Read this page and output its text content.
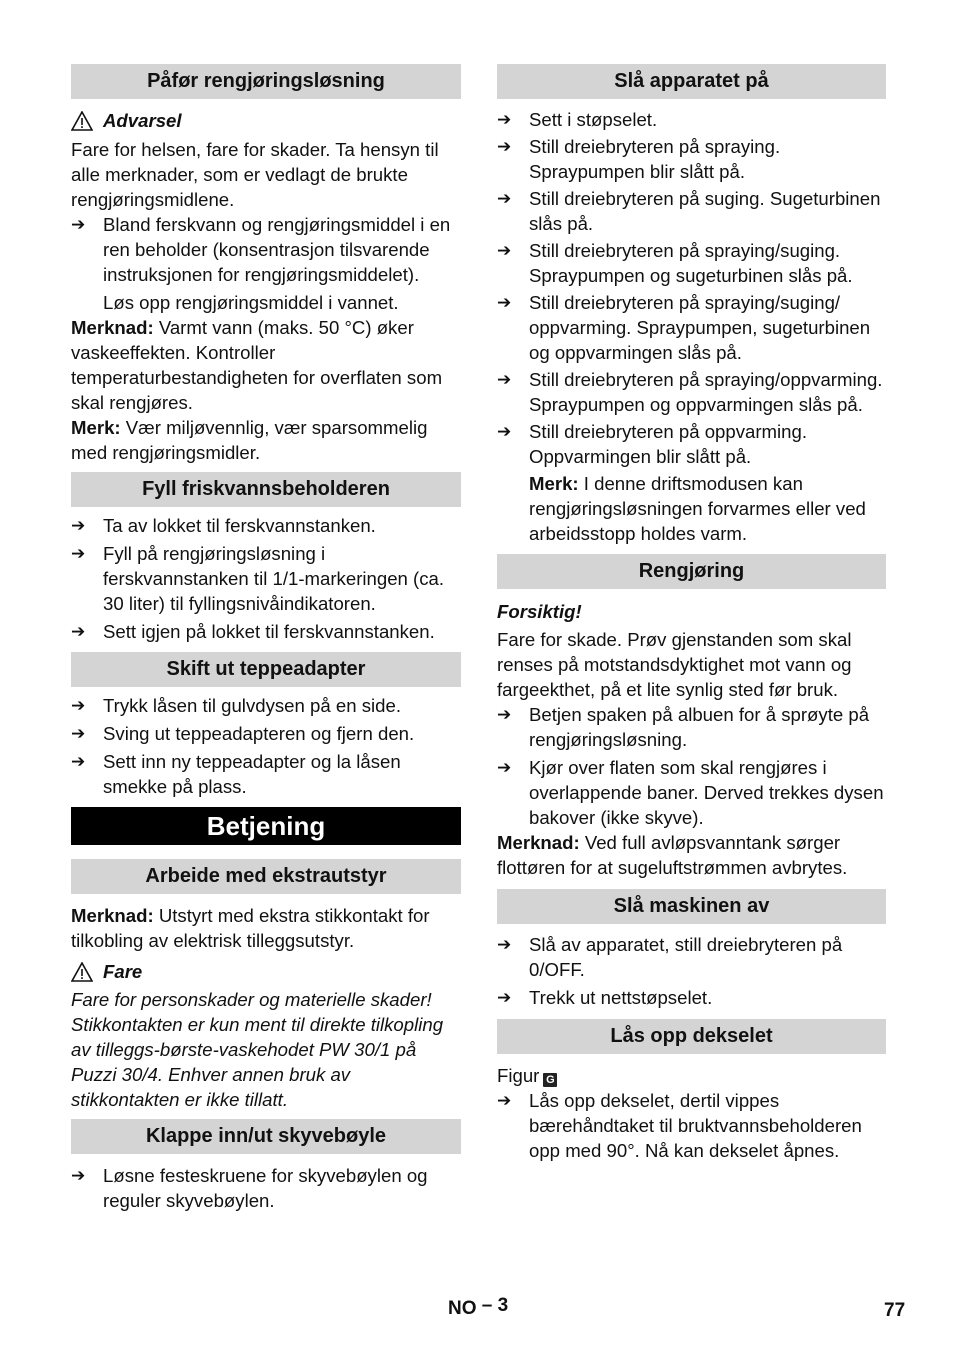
Påfør rengjøringsløsning
Advarsel

Fare for helsen, fare for skader. Ta hensyn til alle merknader, som er vedlagt de brukte rengjøringsmidlene.

➔ Bland ferskvann og rengjøringsmiddel i en ren beholder (konsentrasjon tilsvarende instruksjonen for rengjøringsmiddelet).

Løs opp rengjøringsmiddel i vannet.

Merknad: Varmt vann (maks. 50 °C) øker vaskeeffekten. Kontroller temperaturbestandigheten for overflaten som skal rengjøres.

Merk: Vær miljøvennlig, vær sparsommelig med rengjøringsmidler.

Fyll friskvannsbeholderen
➔ Ta av lokket til ferskvannstanken.
➔ Fyll på rengjøringsløsning i ferskvannstanken til 1/1-markeringen (ca. 30 liter) til fyllingsnivåindikatoren.
➔ Sett igjen på lokket til ferskvannstanken.
Skift ut teppeadapter
➔ Trykk låsen til gulvdysen på en side.
➔ Sving ut teppeadapteren og fjern den.
➔ Sett inn ny teppeadapter og la låsen smekke på plass.
Betjening
Arbeide med ekstrautstyr

Merknad: Utstyrt med ekstra stikkontakt for tilkobling av elektrisk tilleggsutstyr.

Fare

Fare for personskader og materielle skader! Stikkontakten er kun ment til direkte tilkopling av tilleggs-børste-vaskehodet PW 30/1 på Puzzi 30/4. Enhver annen bruk av stikkontakten er ikke tillatt.

Klappe inn/ut skyvebøyle
➔ Løsne festeskruene for skyvebøylen og reguler skyvebøylen.
Slå apparatet på
➔ Sett i støpselet.
➔ Still dreiebryteren på spraying. Spraypumpen blir slått på.
➔ Still dreiebryteren på suging. Sugeturbinen slås på.
➔ Still dreiebryteren på spraying/suging. Spraypumpen og sugeturbinen slås på.
➔ Still dreiebryteren på spraying/suging/ oppvarming. Spraypumpen, sugeturbinen og oppvarmingen slås på.
➔ Still dreiebryteren på spraying/oppvarming. Spraypumpen og oppvarmingen slås på.
➔ Still dreiebryteren på oppvarming. Oppvarmingen blir slått på.

Merk: I denne driftsmodusen kan rengjøringsløsningen forvarmes eller ved arbeidsstopp holdes varm.

Rengjøring

Forsiktig!

Fare for skade. Prøv gjenstanden som skal renses på motstandsdyktighet mot vann og fargeekthet, på et lite synlig sted før bruk.

➔ Betjen spaken på albuen for å sprøyte på rengjøringsløsning.
➔ Kjør over flaten som skal rengjøres i overlappende baner. Derved trekkes dysen bakover (ikke skyve).

Merknad: Ved full avløpsvanntank sørger flottøren for at sugeluftstrømmen avbrytes.

Slå maskinen av
➔ Slå av apparatet, still dreiebryteren på 0/OFF.
➔ Trekk ut nettstøpselet.
Lås opp dekselet

Figur G

➔ Lås opp dekselet, dertil vippes bærehåndtaket til bruktvannsbeholderen opp med 90°. Nå kan dekselet åpnes.
NO – 3	77
